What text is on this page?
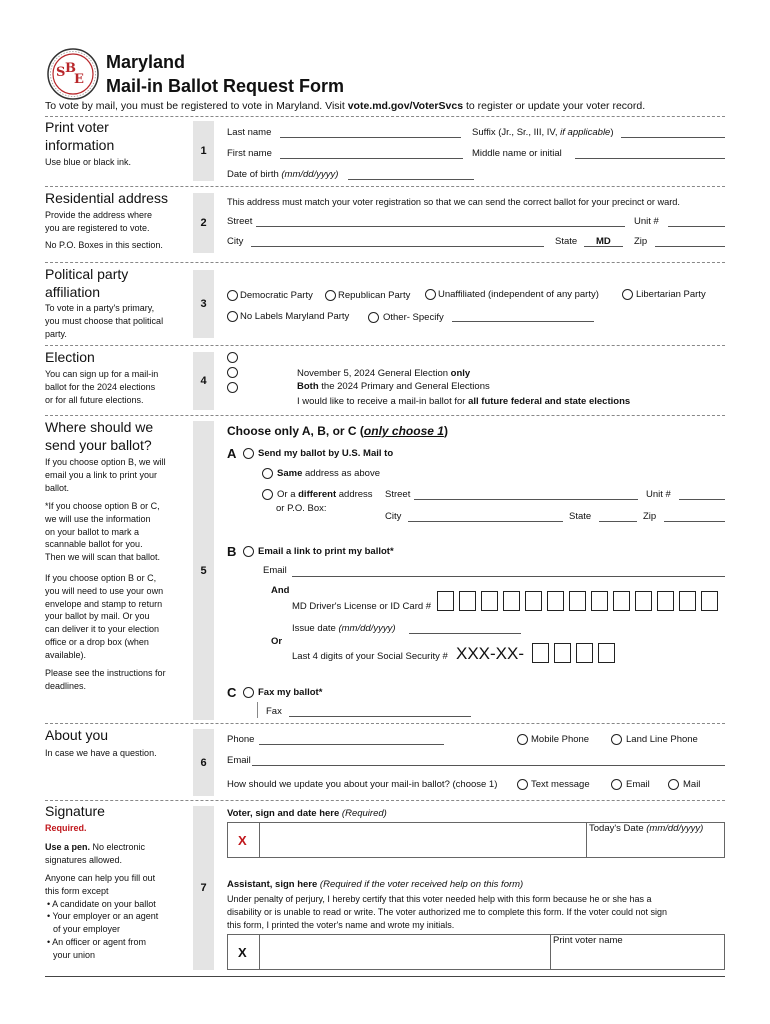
S B
E
Maryland
Mail-in Ballot Request Form
To vote by mail, you must be registered to vote in Maryland. Visit vote.md.gov/VoterSvcs to register or update your voter record.
Print voter
information
Use blue or black ink.
1
Last name	Suffix (Jr., Sr., III, IV, if applicable)
First name	Middle name or initial
Date of birth (mm/dd/yyyy)
Residential address
Provide the address where
you are registered to vote.
No P.O. Boxes in this section.
2
This address must match your voter registration so that we can send the correct ballot for your precinct or ward.
Street	Unit #
City	State MD Zip
Political party
affiliation
To vote in a party's primary,
you must choose that political
party.
3
Democratic Party	Republican Party	Unaffiliated (independent of any party)	Libertarian Party
No Labels Maryland Party	Other- Specify
Election
You can sign up for a mail-in
ballot for the 2024 elections
or for all future elections.
4
November 5, 2024 General Election only
Both the 2024 Primary and General Elections
I would like to receive a mail-in ballot for all future federal and state elections
Where should we
send your ballot?
If you choose option B, we will
email you a link to print your
ballot.
*If you choose option B or C,
we will use the information
on your ballot to mark a
scannable ballot for you.
Then we will scan that ballot.
If you choose option B or C,
you will need to use your own
envelope and stamp to return
your ballot by mail. Or you
can deliver it to your election
office or a drop box (when
available).
Please see the instructions for
deadlines.
5
Choose only A, B, or C (only choose 1)
A Send my ballot by U.S. Mail to
Same address as above
Or a different address
or P.O. Box:
Street	Unit #
City	State	Zip
B Email a link to print my ballot*
Email
And
MD Driver's License or ID Card #
Issue date (mm/dd/yyyy)
Or
Last 4 digits of your Social Security # XXX-XX-
C Fax my ballot*
Fax
About you
In case we have a question.
6
Phone	Mobile Phone	Land Line Phone
Email
How should we update you about your mail-in ballot? (choose 1)	Text message	Email	Mail
Signature
Required.
Use a pen. No electronic
signatures allowed.
Anyone can help you fill out
this form except
• A candidate on your ballot
• Your employer or an agent
of your employer
• An officer or agent from
your union
7
Voter, sign and date here (Required)
X
Today's Date (mm/dd/yyyy)
Assistant, sign here (Required if the voter received help on this form)
Under penalty of perjury, I hereby certify that this voter needed help with this form because he or she has a
disability or is unable to read or write. The voter authorized me to complete this form. If the voter could not sign
this form, I printed the voter's name and wrote my initials.
X
Print voter name
